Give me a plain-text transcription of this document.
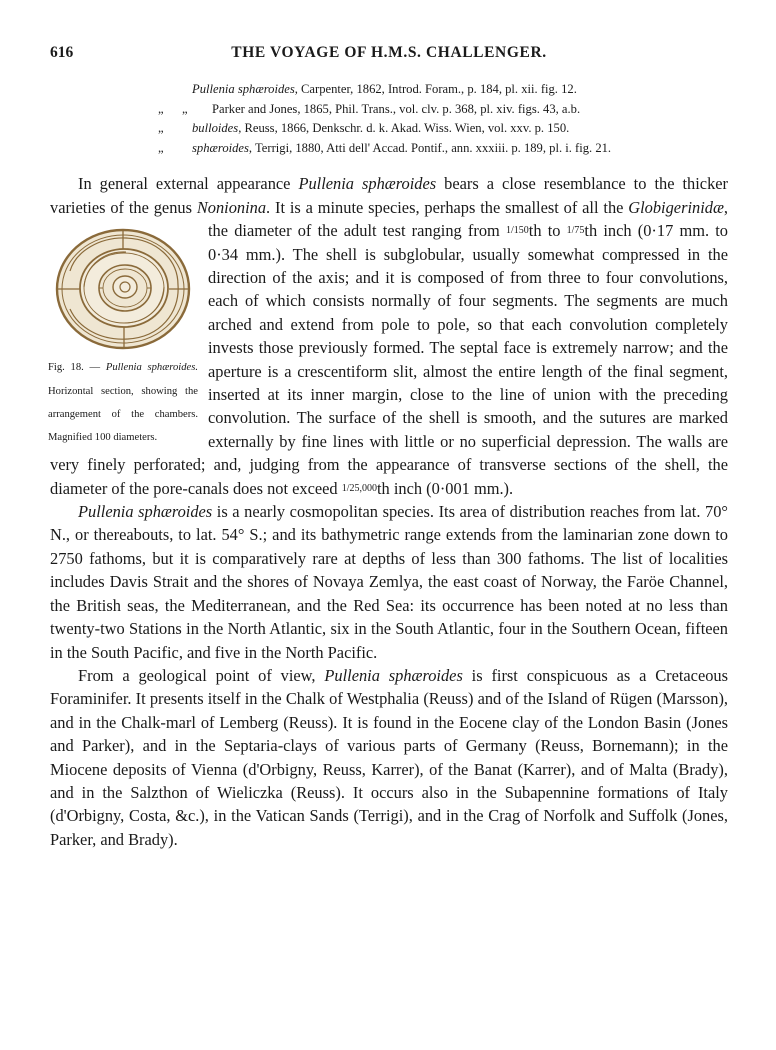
616	THE VOYAGE OF H.M.S. CHALLENGER.
Pullenia sphæroides, Carpenter, 1862, Introd. Foram., p. 184, pl. xii. fig. 12.
„ „ Parker and Jones, 1865, Phil. Trans., vol. clv. p. 368, pl. xiv. figs. 43, a.b.
„ bulloides, Reuss, 1866, Denkschr. d. k. Akad. Wiss. Wien, vol. xxv. p. 150.
„ sphæroides, Terrigi, 1880, Atti dell' Accad. Pontif., ann. xxxiii. p. 189, pl. i. fig. 21.

In general external appearance Pullenia sphæroides bears a close resemblance to the thicker varieties of the genus Nonionina. It is a minute species, perhaps the smallest of all the
Fig. 18. — Pullenia sphæroides. Horizontal section, showing the arrangement of the chambers. Magnified 100 diameters.
Globigerinidæ, the diameter of the adult test ranging from 1/150th to 1/75th inch (0·17 mm. to 0·34 mm.). The shell is subglobular, usually somewhat compressed in the direction of the axis; and it is composed of from three to four convolutions, each of which consists normally of four segments. The segments are much arched and extend from pole to pole, so that each convolution completely invests those previously formed. The septal face is extremely narrow; and the aperture is a crescentiform slit, almost the entire length of the final segment, inserted at its inner margin, close to the line of union with the preceding convolution. The surface of the shell is smooth, and the sutures are marked externally by fine lines with little or no superficial depression. The walls are very finely perforated; and, judging from the appearance of transverse sections of the shell, the diameter of the pore-canals does not exceed 1/25,000th inch (0·001 mm.).

Pullenia sphæroides is a nearly cosmopolitan species. Its area of distribution reaches from lat. 70° N., or thereabouts, to lat. 54° S.; and its bathymetric range extends from the laminarian zone down to 2750 fathoms, but it is comparatively rare at depths of less than 300 fathoms. The list of localities includes Davis Strait and the shores of Novaya Zemlya, the east coast of Norway, the Faröe Channel, the British seas, the Mediterranean, and the Red Sea: its occurrence has been noted at no less than twenty-two Stations in the North Atlantic, six in the South Atlantic, four in the Southern Ocean, fifteen in the South Pacific, and five in the North Pacific.

From a geological point of view, Pullenia sphæroides is first conspicuous as a Cretaceous Foraminifer. It presents itself in the Chalk of Westphalia (Reuss) and of the Island of Rügen (Marsson), and in the Chalk-marl of Lemberg (Reuss). It is found in the Eocene clay of the London Basin (Jones and Parker), and in the Septaria-clays of various parts of Germany (Reuss, Bornemann); in the Miocene deposits of Vienna (d'Orbigny, Reuss, Karrer), of the Banat (Karrer), and of Malta (Brady), and in the Salzthon of Wieliczka (Reuss). It occurs also in the Subapennine formations of Italy (d'Orbigny, Costa, &c.), in the Vatican Sands (Terrigi), and in the Crag of Norfolk and Suffolk (Jones, Parker, and Brady).
